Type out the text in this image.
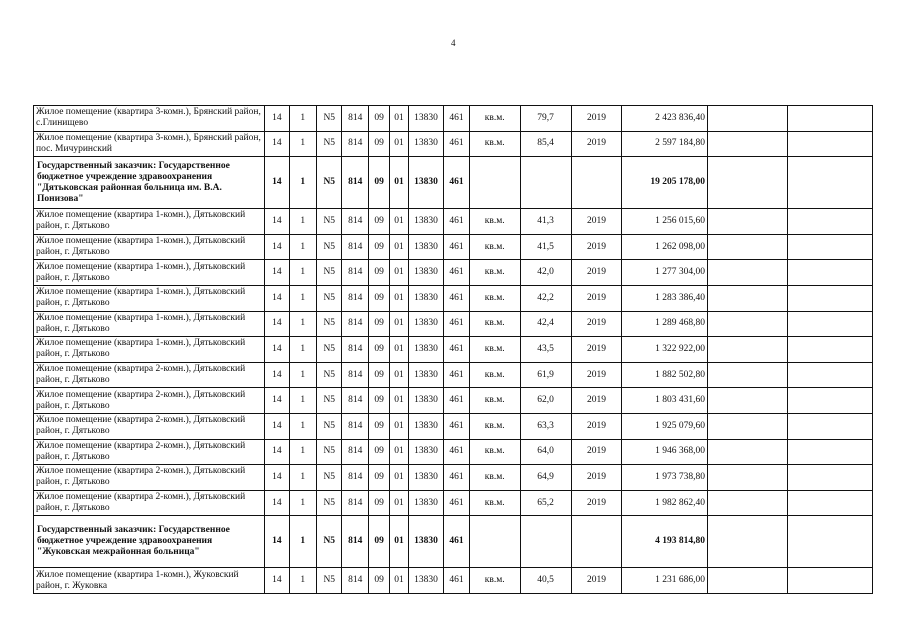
4
Жилое помещение (квартира 3-комн.), Брянский район, с.Глинищево	14	1	N5	814	09	01	13830	461	кв.м.	79,7	2019	2 423 836,40		
Жилое помещение (квартира 3-комн.), Брянский район, пос. Мичуринский	14	1	N5	814	09	01	13830	461	кв.м.	85,4	2019	2 597 184,80		
Государственный заказчик: Государственное бюджетное учреждение здравоохранения "Дятьковская районная больница им. В.А. Понизова"	14	1	N5	814	09	01	13830	461				19 205 178,00		
Жилое помещение (квартира 1-комн.), Дятьковский район, г. Дятьково	14	1	N5	814	09	01	13830	461	кв.м.	41,3	2019	1 256 015,60		
Жилое помещение (квартира 1-комн.), Дятьковский район, г. Дятьково	14	1	N5	814	09	01	13830	461	кв.м.	41,5	2019	1 262 098,00		
Жилое помещение (квартира 1-комн.), Дятьковский район, г. Дятьково	14	1	N5	814	09	01	13830	461	кв.м.	42,0	2019	1 277 304,00		
Жилое помещение (квартира 1-комн.), Дятьковский район, г. Дятьково	14	1	N5	814	09	01	13830	461	кв.м.	42,2	2019	1 283 386,40		
Жилое помещение (квартира 1-комн.), Дятьковский район, г. Дятьково	14	1	N5	814	09	01	13830	461	кв.м.	42,4	2019	1 289 468,80		
Жилое помещение (квартира 1-комн.), Дятьковский район, г. Дятьково	14	1	N5	814	09	01	13830	461	кв.м.	43,5	2019	1 322 922,00		
Жилое помещение (квартира 2-комн.), Дятьковский район, г. Дятьково	14	1	N5	814	09	01	13830	461	кв.м.	61,9	2019	1 882 502,80		
Жилое помещение (квартира 2-комн.), Дятьковский район, г. Дятьково	14	1	N5	814	09	01	13830	461	кв.м.	62,0	2019	1 803 431,60		
Жилое помещение (квартира 2-комн.), Дятьковский район, г. Дятьково	14	1	N5	814	09	01	13830	461	кв.м.	63,3	2019	1 925 079,60		
Жилое помещение (квартира 2-комн.), Дятьковский район, г. Дятьково	14	1	N5	814	09	01	13830	461	кв.м.	64,0	2019	1 946 368,00		
Жилое помещение (квартира 2-комн.), Дятьковский район, г. Дятьково	14	1	N5	814	09	01	13830	461	кв.м.	64,9	2019	1 973 738,80		
Жилое помещение (квартира 2-комн.), Дятьковский район, г. Дятьково	14	1	N5	814	09	01	13830	461	кв.м.	65,2	2019	1 982 862,40		
Государственный заказчик: Государственное бюджетное учреждение здравоохранения "Жуковская межрайонная больница"	14	1	N5	814	09	01	13830	461				4 193 814,80		
Жилое помещение (квартира 1-комн.), Жуковский район, г. Жуковка	14	1	N5	814	09	01	13830	461	кв.м.	40,5	2019	1 231 686,00		
